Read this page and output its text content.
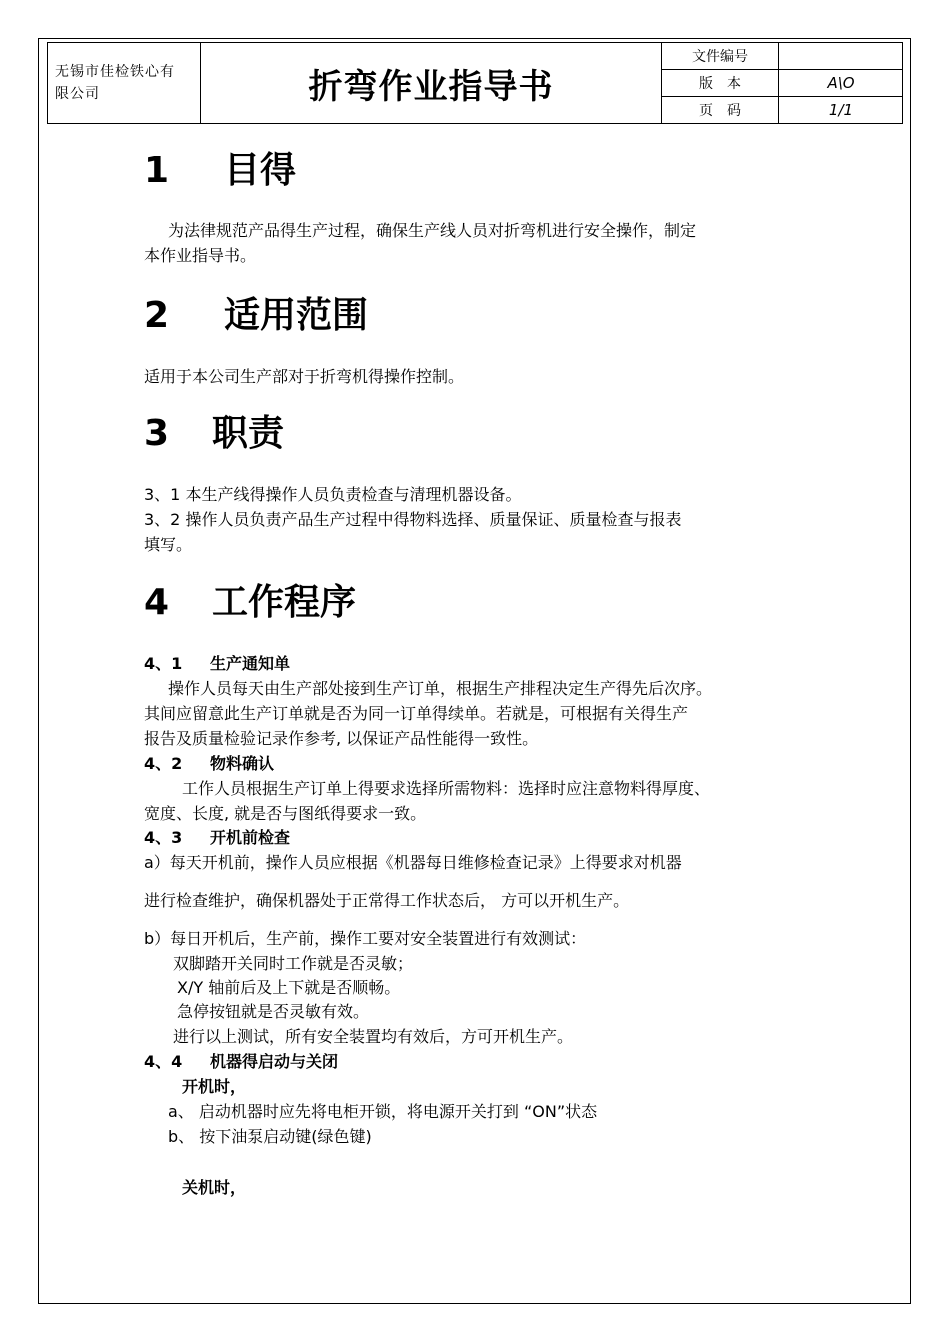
无锡市佳检铁心有
限公司	折弯作业指导书
文件编号
版　本	A\O
页　码	1/1
1 目得
为法律规范产品得生产过程，确保生产线人员对折弯机进行安全操作，制定
本作业指导书。
2 适用范围
适用于本公司生产部对于折弯机得操作控制。
3 职责
3、1 本生产线得操作人员负责检查与清理机器设备。
3、2 操作人员负责产品生产过程中得物料选择、质量保证、质量检查与报表
填写。
4 工作程序
4、1 生产通知单
操作人员每天由生产部处接到生产订单，根据生产排程决定生产得先后次序。
其间应留意此生产订单就是否为同一订单得续单。若就是，可根据有关得生产
报告及质量检验记录作参考, 以保证产品性能得一致性。
4、2 物料确认
工作人员根据生产订单上得要求选择所需物料：选择时应注意物料得厚度、
宽度、长度, 就是否与图纸得要求一致。
4、3 开机前检查
a）每天开机前，操作人员应根据《机器每日维修检查记录》上得要求对机器
进行检查维护，确保机器处于正常得工作状态后， 方可以开机生产。
b）每日开机后，生产前，操作工要对安全装置进行有效测试：
双脚踏开关同时工作就是否灵敏；
X/Y 轴前后及上下就是否顺畅。
急停按钮就是否灵敏有效。
进行以上测试，所有安全装置均有效后，方可开机生产。
4、4 机器得启动与关闭
开机时，
a、 启动机器时应先将电柜开锁，将电源开关打到 “ON”状态
b、 按下油泵启动键(绿色键)
关机时，
